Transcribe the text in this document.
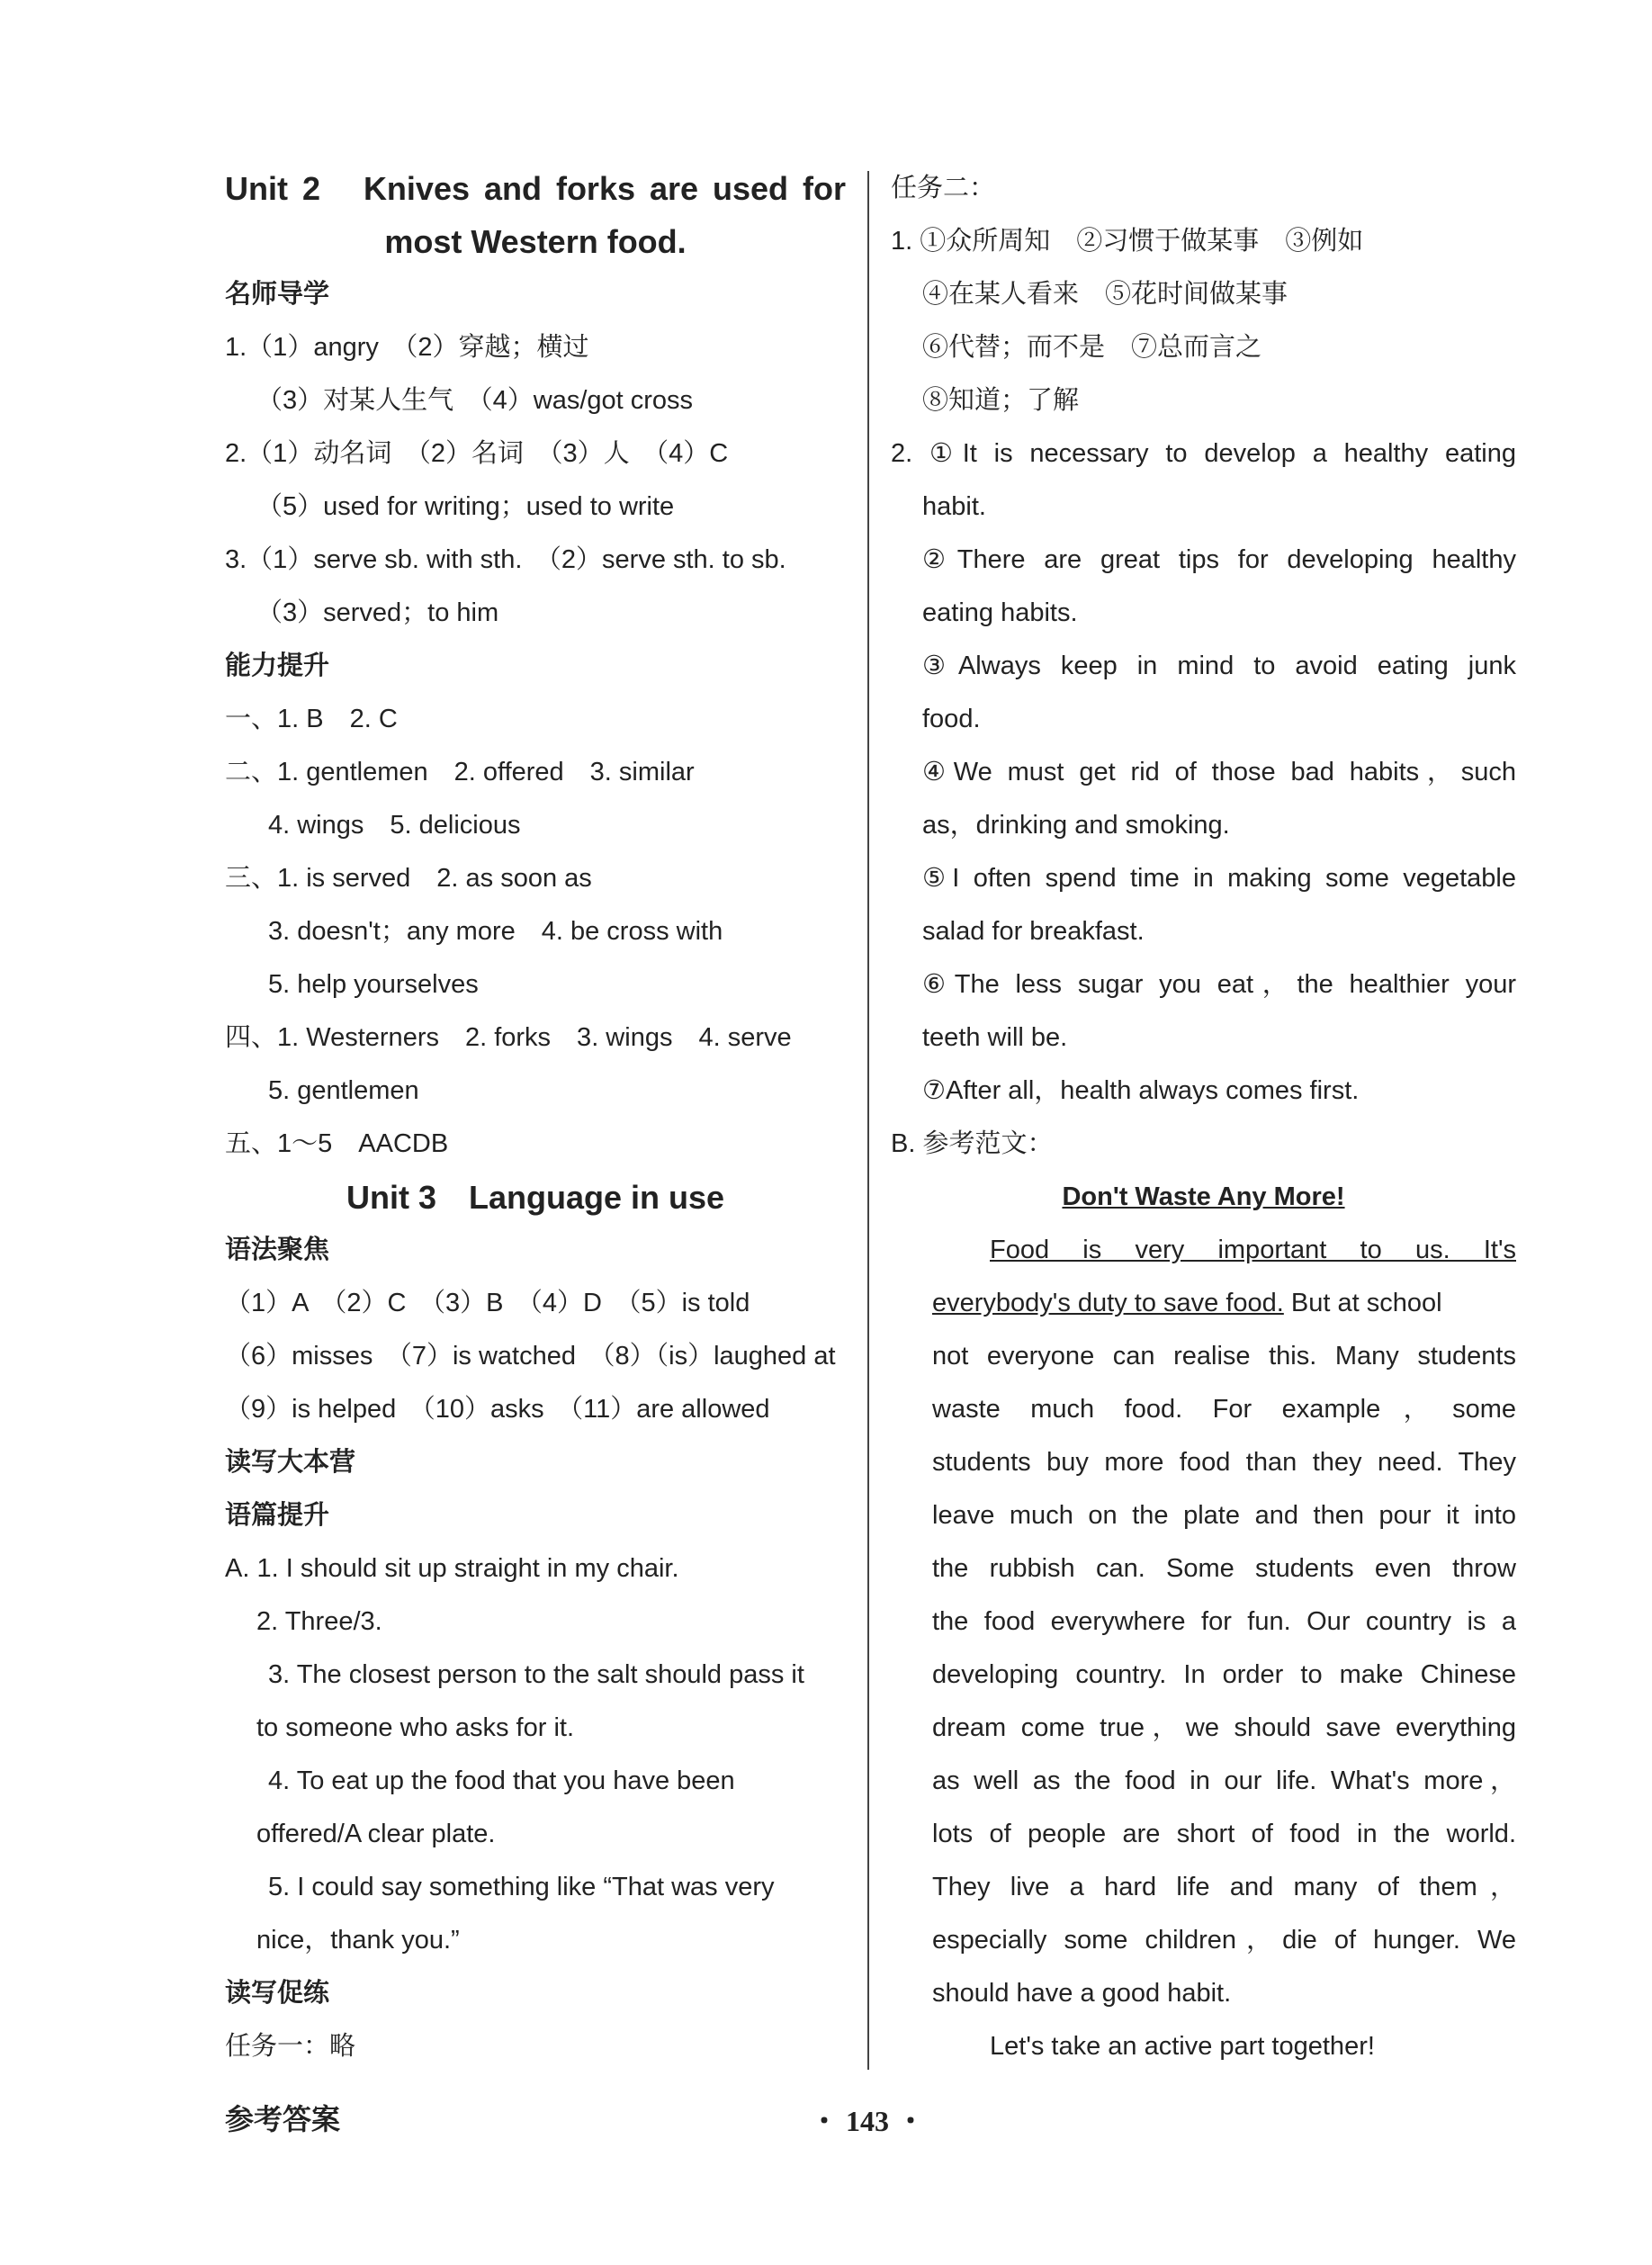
Unit 2　Knives and forks are used for
most Western food.
名师导学
1.（1）angry　（2）穿越；横过
（3）对某人生气　（4）was/got cross
2.（1）动名词　（2）名词　（3）人　（4）C
（5）used for writing；used to write
3.（1）serve sb. with sth.　（2）serve sth. to sb.
（3）served；to him
能力提升
一、1. B　2. C
二、1. gentlemen　2. offered　3. similar
4. wings　5. delicious
三、1. is served　2. as soon as
3. doesn't；any more　4. be cross with
5. help yourselves
四、1. Westerners　2. forks　3. wings　4. serve
5. gentlemen
五、1～5　AACDB
Unit 3　Language in use
语法聚焦
（1）A　（2）C　（3）B　（4）D　（5）is told
（6）misses　（7）is watched　（8）（is）laughed at
（9）is helped　（10）asks　（11）are allowed
读写大本营
语篇提升
A. 1. I should sit up straight in my chair.
2. Three/3.
3. The closest person to the salt should pass it
to someone who asks for it.
4. To eat up the food that you have been
offered/A clear plate.
5. I could say something like “That was very
nice，thank you.”
读写促练
任务一：略
任务二：
1. ①众所周知　②习惯于做某事　③例如
④在某人看来　⑤花时间做某事
⑥代替；而不是　⑦总而言之
⑧知道；了解
2. ①It is necessary to develop a healthy eating
habit.
②There are great tips for developing healthy
eating habits.
③Always keep in mind to avoid eating junk
food.
④We must get rid of those bad habits，such
as，drinking and smoking.
⑤I often spend time in making some vegetable
salad for breakfast.
⑥The less sugar you eat，the healthier your
teeth will be.
⑦After all，health always comes first.
B. 参考范文：
Don't Waste Any More!
Food is very important to us. It's
everybody's duty to save food. But at school
not everyone can realise this. Many students
waste much food. For example，some
students buy more food than they need. They
leave much on the plate and then pour it into
the rubbish can. Some students even throw
the food everywhere for fun. Our country is a
developing country. In order to make Chinese
dream come true，we should save everything
as well as the food in our life. What's more，
lots of people are short of food in the world.
They live a hard life and many of them，
especially some children，die of hunger. We
should have a good habit.
Let's take an active part together!
参考答案	・ 143 ・
